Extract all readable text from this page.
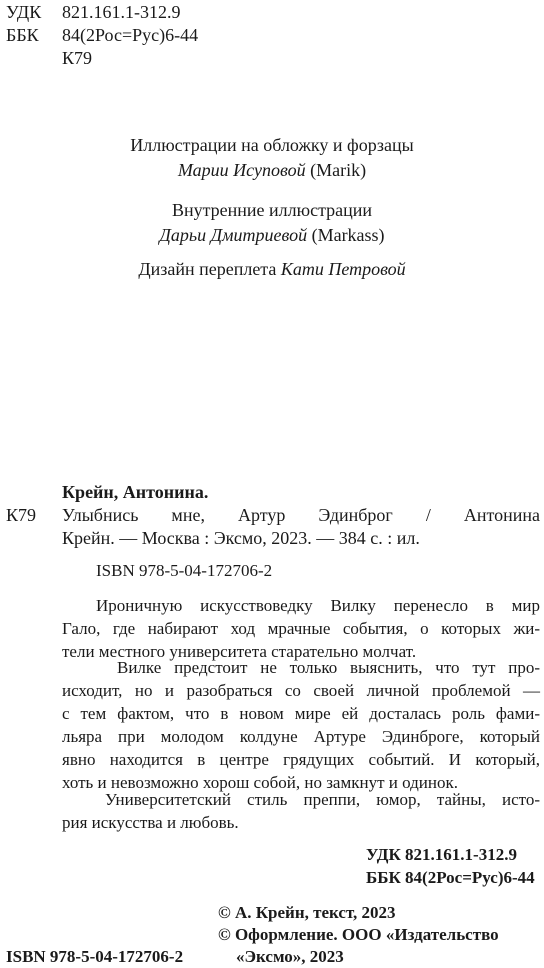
УДК 821.161.1-312.9
ББК 84(2Рос=Рус)6-44
К79
Иллюстрации на обложку и форзацы
Марии Исуповой (Marik)
Внутренние иллюстрации
Дарьи Дмитриевой (Markass)
Дизайн переплета Кати Петровой
Крейн, Антонина.
К79 Улыбнись мне, Артур Эдинброг / Антонина
Крейн. — Москва : Эксмо, 2023. — 384 с. : ил.
ISBN 978-5-04-172706-2
Ироничную искусствоведку Вилку перенесло в мир
Гало, где набирают ход мрачные события, о которых жи-
тели местного университета старательно молчат.
Вилке предстоит не только выяснить, что тут про-
исходит, но и разобраться со своей личной проблемой —
с тем фактом, что в новом мире ей досталась роль фами-
льяра при молодом колдуне Артуре Эдинброге, который
явно находится в центре грядущих событий. И который,
хоть и невозможно хорош собой, но замкнут и одинок.
Университетский стиль преппи, юмор, тайны, исто-
рия искусства и любовь.
УДК 821.161.1-312.9
ББК 84(2Рос=Рус)6-44
© А. Крейн, текст, 2023
© Оформление. ООО «Издательство
ISBN 978-5-04-172706-2	«Эксмо», 2023
